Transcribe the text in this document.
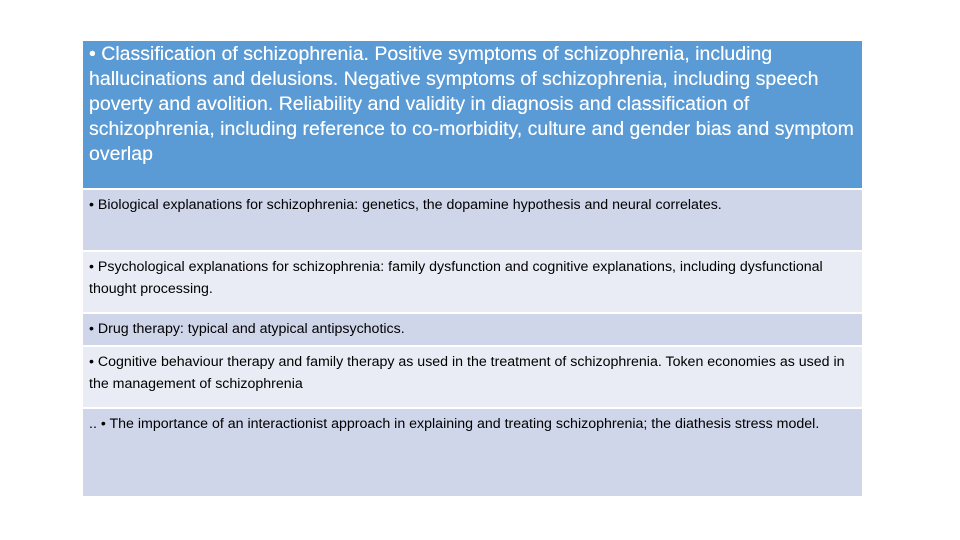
• Classification of schizophrenia. Positive symptoms of schizophrenia, including hallucinations and delusions. Negative symptoms of schizophrenia, including speech poverty and avolition. Reliability and validity in diagnosis and classification of schizophrenia, including reference to co-morbidity, culture and gender bias and symptom overlap
• Biological explanations for schizophrenia: genetics, the dopamine hypothesis and neural correlates.
• Psychological explanations for schizophrenia: family dysfunction and cognitive explanations, including dysfunctional thought processing.
• Drug therapy: typical and atypical antipsychotics.
• Cognitive behaviour therapy and family therapy as used in the treatment of schizophrenia. Token economies as used in the management of schizophrenia
.. • The importance of an interactionist approach in explaining and treating schizophrenia; the diathesis stress model.
